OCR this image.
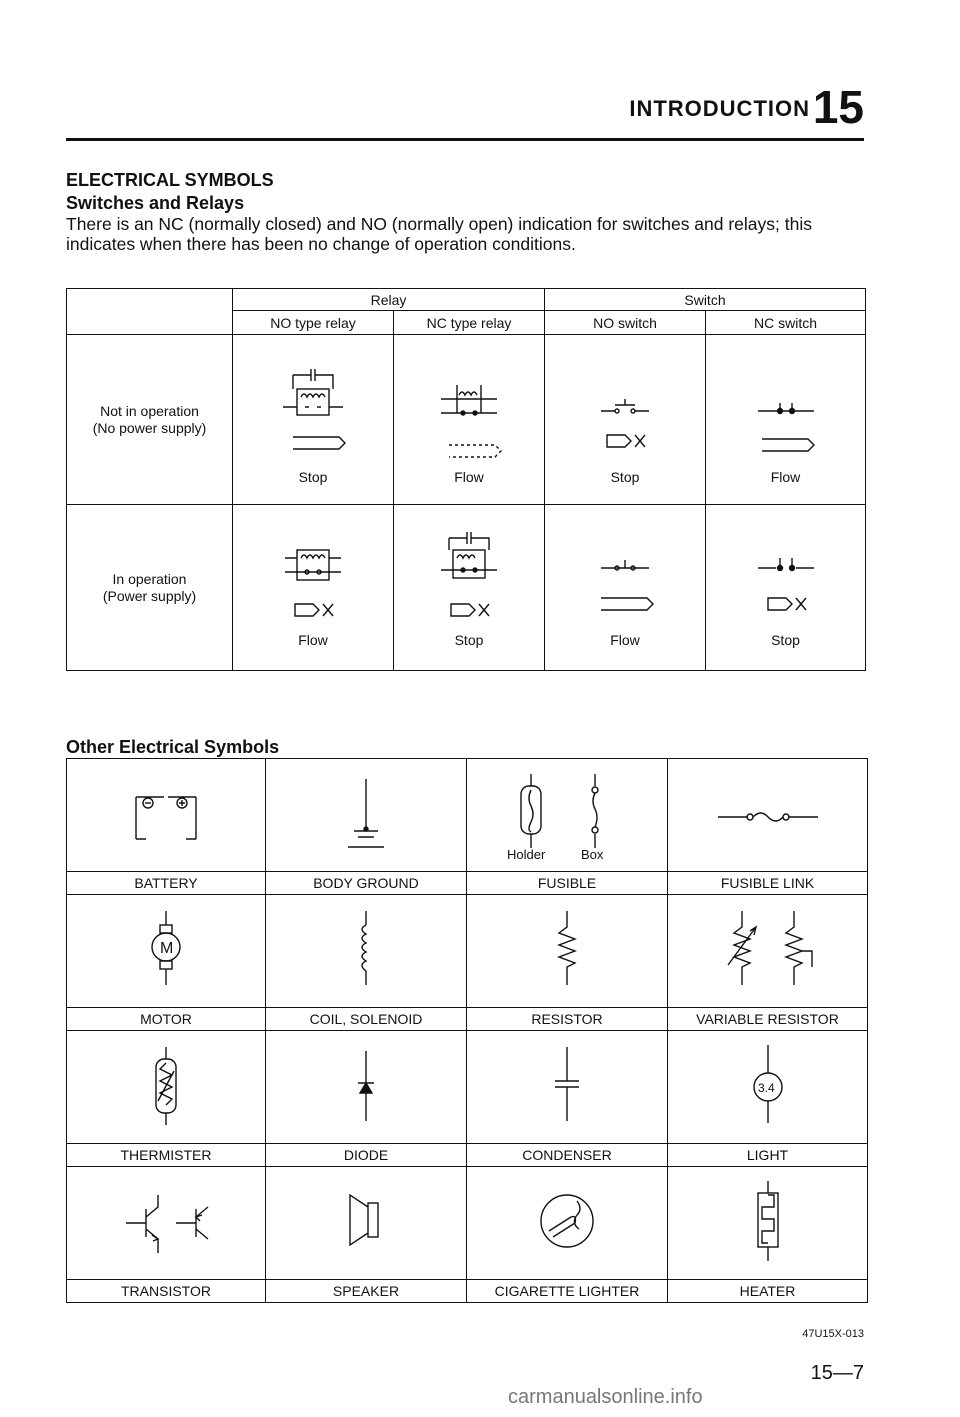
INTRODUCTION 15
ELECTRICAL SYMBOLS
Switches and Relays
There is an NC (normally closed) and NO (normally open) indication for switches and relays; this indicates when there has been no change of operation conditions.
	Relay		Switch	
	NO type relay	NC type relay	NO switch	NC switch

Not in operation
(No power supply)	Stop	Flow	Stop	Flow

In operation
(Power supply)	Flow	Stop	Flow	Stop
Other Electrical Symbols

Holder Box

BATTERY	BODY GROUND	FUSIBLE	FUSIBLE LINK

M

MOTOR	COIL, SOLENOID	RESISTOR	VARIABLE RESISTOR

3.4

THERMISTER	DIODE	CONDENSER	LIGHT

TRANSISTOR	SPEAKER	CIGARETTE LIGHTER	HEATER
47U15X-013
15—7
carmanualsonline.info
